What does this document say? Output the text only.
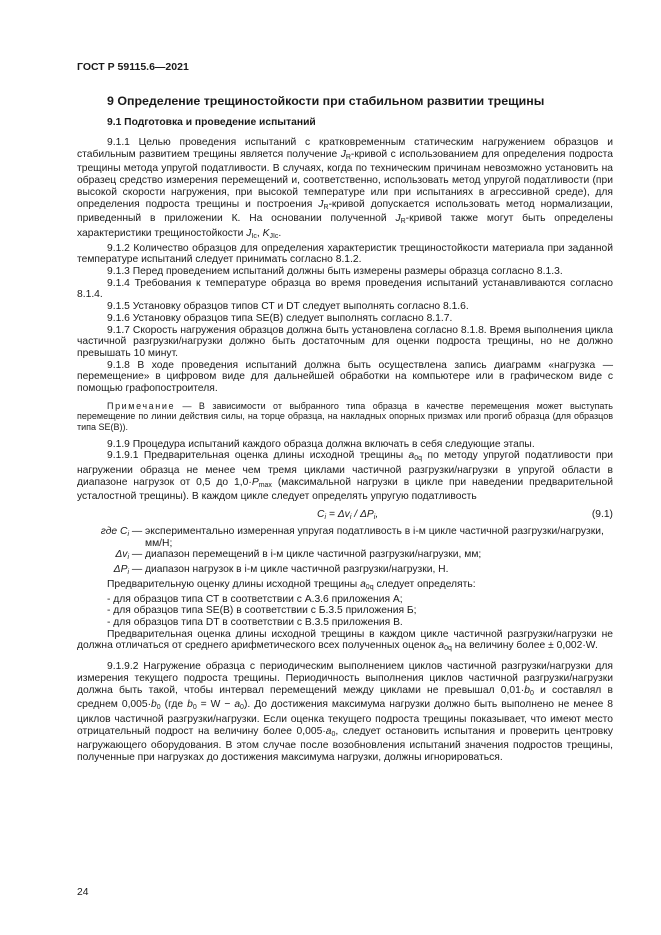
ГОСТ Р 59115.6—2021
9 Определение трещиностойкости при стабильном развитии трещины
9.1 Подготовка и проведение испытаний

9.1.1 Целью проведения испытаний с кратковременным статическим нагружением образцов и стабильным развитием трещины является получение $J_R$-кривой с использованием для определения подроста трещины метода упругой податливости. В случаях, когда по техническим причинам невозможно установить на образец средство измерения перемещений и, соответственно, использовать метод упругой податливости (при высокой скорости нагружения, при высокой температуре или при испытаниях в агрессивной среде), для определения подроста трещины и построения $J_R$-кривой допускается использовать метод нормализации, приведенный в приложении К. На основании полученной $J_R$-кривой также могут быть определены характеристики трещиностойкости $J_{Ic}$, $K_{JIc}$.

9.1.2 Количество образцов для определения характеристик трещиностойкости материала при заданной температуре испытаний следует принимать согласно 8.1.2.

9.1.3 Перед проведением испытаний должны быть измерены размеры образца согласно 8.1.3.

9.1.4 Требования к температуре образца во время проведения испытаний устанавливаются согласно 8.1.4.

9.1.5 Установку образцов типов СТ и DT следует выполнять согласно 8.1.6.

9.1.6 Установку образцов типа SE(B) следует выполнять согласно 8.1.7.

9.1.7 Скорость нагружения образцов должна быть установлена согласно 8.1.8. Время выполнения цикла частичной разгрузки/нагрузки должно быть достаточным для оценки подроста трещины, но не должно превышать 10 минут.

9.1.8 В ходе проведения испытаний должна быть осуществлена запись диаграмм «нагрузка — перемещение» в цифровом виде для дальнейшей обработки на компьютере или в графическом виде с помощью графопостроителя.

Примечание — В зависимости от выбранного типа образца в качестве перемещения может выступать перемещение по линии действия силы, на торце образца, на накладных опорных призмах или прогиб образца (для образцов типа SE(B)).

9.1.9 Процедура испытаний каждого образца должна включать в себя следующие этапы.

9.1.9.1 Предварительная оценка длины исходной трещины $a_{0q}$ по методу упругой податливости при нагружении образца не менее чем тремя циклами частичной разгрузки/нагрузки в упругой области в диапазоне нагрузок от 0,5 до $1,0\cdot P_{max}$ (максимальной нагрузки в цикле при наведении предварительной усталостной трещины). В каждом цикле следует определять упругую податливость

$C_i = \Delta v_i / \Delta P_i$,	(9.1)
где $C_i$ — экспериментально измеренная упругая податливость в i-м цикле частичной разгрузки/нагрузки, мм/Н;
$\Delta v_i$ — диапазон перемещений в i-м цикле частичной разгрузки/нагрузки, мм;
$\Delta P_i$ — диапазон нагрузок в i-м цикле частичной разгрузки/нагрузки, Н.

Предварительную оценку длины исходной трещины $a_{0q}$ следует определять:

- для образцов типа СТ в соответствии с А.3.6 приложения А;

- для образцов типа SE(B) в соответствии с Б.3.5 приложения Б;

- для образцов типа DT в соответствии с В.3.5 приложения В.

Предварительная оценка длины исходной трещины в каждом цикле частичной разгрузки/нагрузки не должна отличаться от среднего арифметического всех полученных оценок $a_{0q}$ на величину более ± 0,002·W.

9.1.9.2 Нагружение образца с периодическим выполнением циклов частичной разгрузки/нагрузки для измерения текущего подроста трещины. Периодичность выполнения циклов частичной разгрузки/нагрузки должна быть такой, чтобы интервал перемещений между циклами не превышал $0,01\cdot b_0$ и составлял в среднем $0,005\cdot b_0$ (где $b_0 = W - a_0$). До достижения максимума нагрузки должно быть выполнено не менее 8 циклов частичной разгрузки/нагрузки. Если оценка текущего подроста трещины показывает, что имеют место отрицательный подрост на величину более $0,005\cdot a_0$, следует остановить испытания и проверить центровку нагружающего оборудования. В этом случае после возобновления испытаний значения подростов трещины, полученные при нагрузках до достижения максимума нагрузки, должны игнорироваться.

24
